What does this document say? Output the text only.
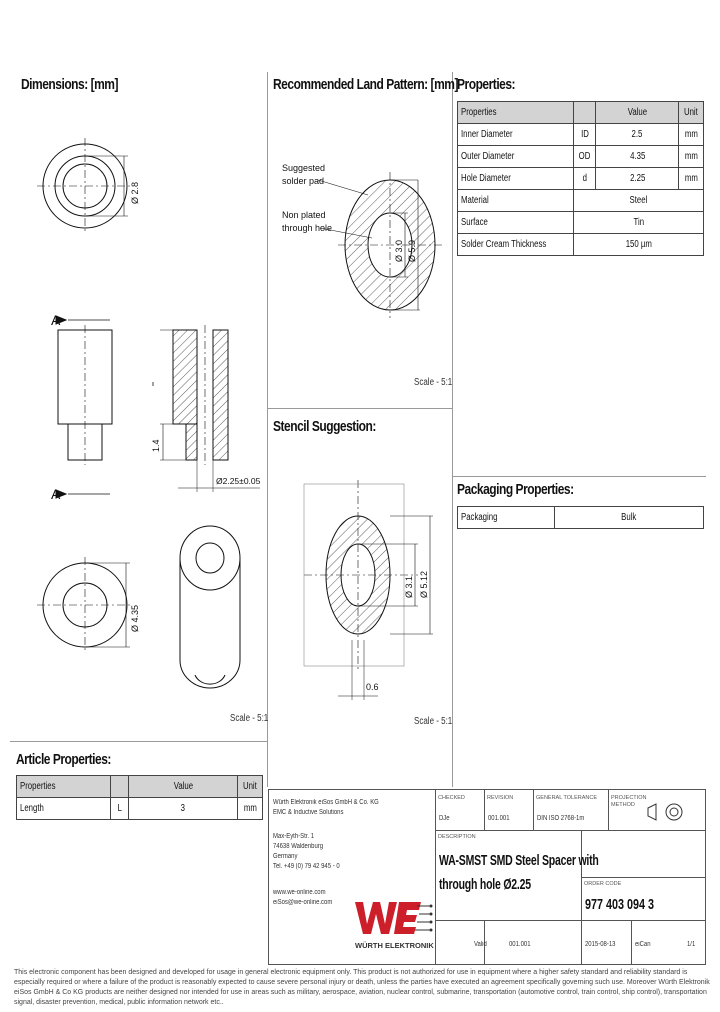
Dimensions: [mm]	Recommended Land Pattern: [mm] Properties:
Stencil Suggestion:
Packaging Properties:
Article Properties:
Ø 2.8
A
A
1.4
Ø2.25±0.05
Ø 4.35
Scale - 5:1
Suggested
solder pad
Non plated
through hole
Ø 3.0 Ø 5.9
Scale - 5:1
Ø 3.1 Ø 5.12
0.6
Scale - 5:1
Properties		Value	Unit
Inner Diameter	ID	2.5	mm
Outer Diameter	OD	4.35	mm
Hole Diameter	d	2.25	mm
Material	Steel		
Surface	Tin		
Solder Cream Thickness	150 µm		
Packaging	Bulk
Properties		Value	Unit
Length	L	3	mm
Würth Elektronik eiSos GmbH & Co. KG
EMC & Inductive Solutions
Max-Eyth-Str. 1
74638 Waldenburg
Germany
Tel. +49 (0) 79 42 945 - 0
www.we-online.com
eiSos@we-online.com
WÜRTH ELEKTRONIK
CHECKED
DJe
REVISION
001.001
GENERAL TOLERANCE
DIN ISO 2768-1m
PROJECTION METHOD
DESCRIPTION
WA-SMST SMD Steel Spacer with
through hole Ø2.25	ORDER CODE
977 403 094 3
Valid	001.001	2015-08-13	eiCan	1/1
This electronic component has been designed and developed for usage in general electronic equipment only. This product is not authorized for use in equipment where a higher safety standard and reliability standard is especially required or where a failure of the product is reasonably expected to cause severe personal injury or death, unless the parties have executed an agreement specifically governing such use. Moreover Würth Elektronik eiSos GmbH & Co KG products are neither designed nor intended for use in areas such as military, aerospace, aviation, nuclear control, submarine, transportation (automotive control, train control, ship control), transportation signal, disaster prevention, medical, public information network etc..
